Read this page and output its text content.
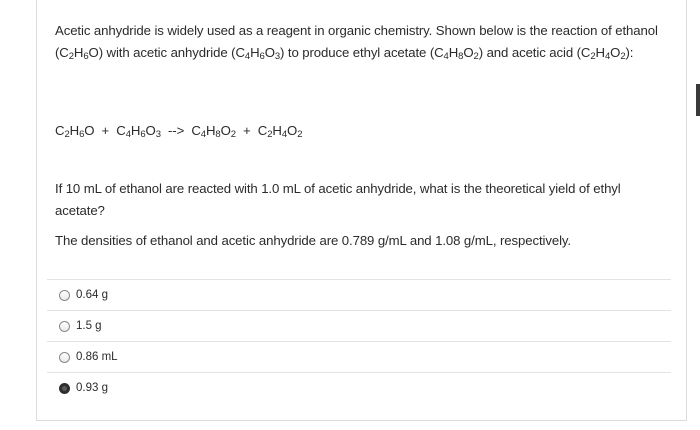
Acetic anhydride is widely used as a reagent in organic chemistry. Shown below is the reaction of ethanol $(C_2H_6O)$ with acetic anhydride $(C_4H_6O_3)$ to produce ethyl acetate $(C_4H_8O_2)$ and acetic acid $(C_2H_4O_2)$:
$C_2H_6O + C_4H_6O_3$  -->  $C_4H_8O_2 + C_2H_4O_2$
If 10 mL of ethanol are reacted with 1.0 mL of acetic anhydride, what is the theoretical yield of ethyl acetate?
The densities of ethanol and acetic anhydride are 0.789 g/mL and 1.08 g/mL, respectively.
0.64 g
1.5 g
0.86 mL
0.93 g
